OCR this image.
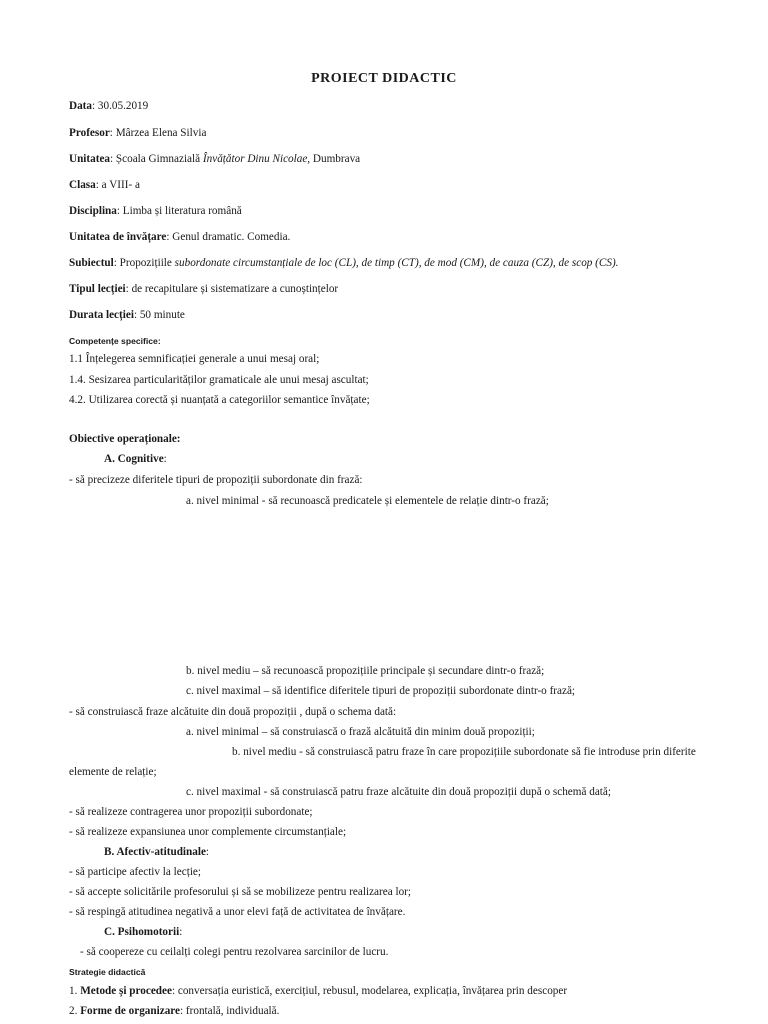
PROIECT DIDACTIC
Data: 30.05.2019
Profesor: Mârzea Elena Silvia
Unitatea: Școala Gimnazială Învățător Dinu Nicolae, Dumbrava
Clasa: a VIII- a
Disciplina: Limba și literatura română
Unitatea de învățare: Genul dramatic. Comedia.
Subiectul: Propozițiile subordonate circumstanțiale de loc (CL), de timp (CT), de mod (CM), de cauza (CZ), de scop (CS).
Tipul lecției: de recapitulare și sistematizare a cunoștințelor
Durata lecției: 50 minute
Competențe specifice:
1.1 Înțelegerea semnificației generale a unui mesaj oral;
1.4. Sesizarea particularităților gramaticale ale unui mesaj ascultat;
4.2. Utilizarea corectă și nuanțată a categoriilor semantice învățate;
Obiective operaționale:
A. Cognitive:
- să precizeze diferitele tipuri de propoziții subordonate din frază:
a. nivel minimal - să recunoască predicatele și elementele de relație dintr-o frază;
b. nivel mediu – să recunoască propozițiile principale și secundare dintr-o frază;
c. nivel maximal – să identifice diferitele tipuri de propoziții subordonate dintr-o frază;
- să construiască fraze alcătuite din două propoziții , după o schema dată:
a. nivel minimal – să construiască o frază alcătuită din minim două propoziții;
b. nivel mediu - să construiască patru fraze în care propozițiile subordonate să fie introduse prin diferite
elemente de relație;
c. nivel maximal - să construiască patru fraze alcătuite din două propoziții după o schemă dată;
- să realizeze contragerea unor propoziții subordonate;
- să realizeze expansiunea unor complemente circumstanțiale;
B. Afectiv-atitudinale:
- să participe afectiv la lecție;
- să accepte solicitările profesorului și să se mobilizeze pentru realizarea lor;
- să respingă atitudinea negativă a unor elevi față de activitatea de învățare.
C. Psihomotorii:
- să coopereze cu ceilalți colegi pentru rezolvarea sarcinilor de lucru.
Strategie didactică
1. Metode și procedee: conversația euristică, exercițiul, rebusul, modelarea, explicația, învățarea prin descoper
2. Forme de organizare: frontală, individuală.
